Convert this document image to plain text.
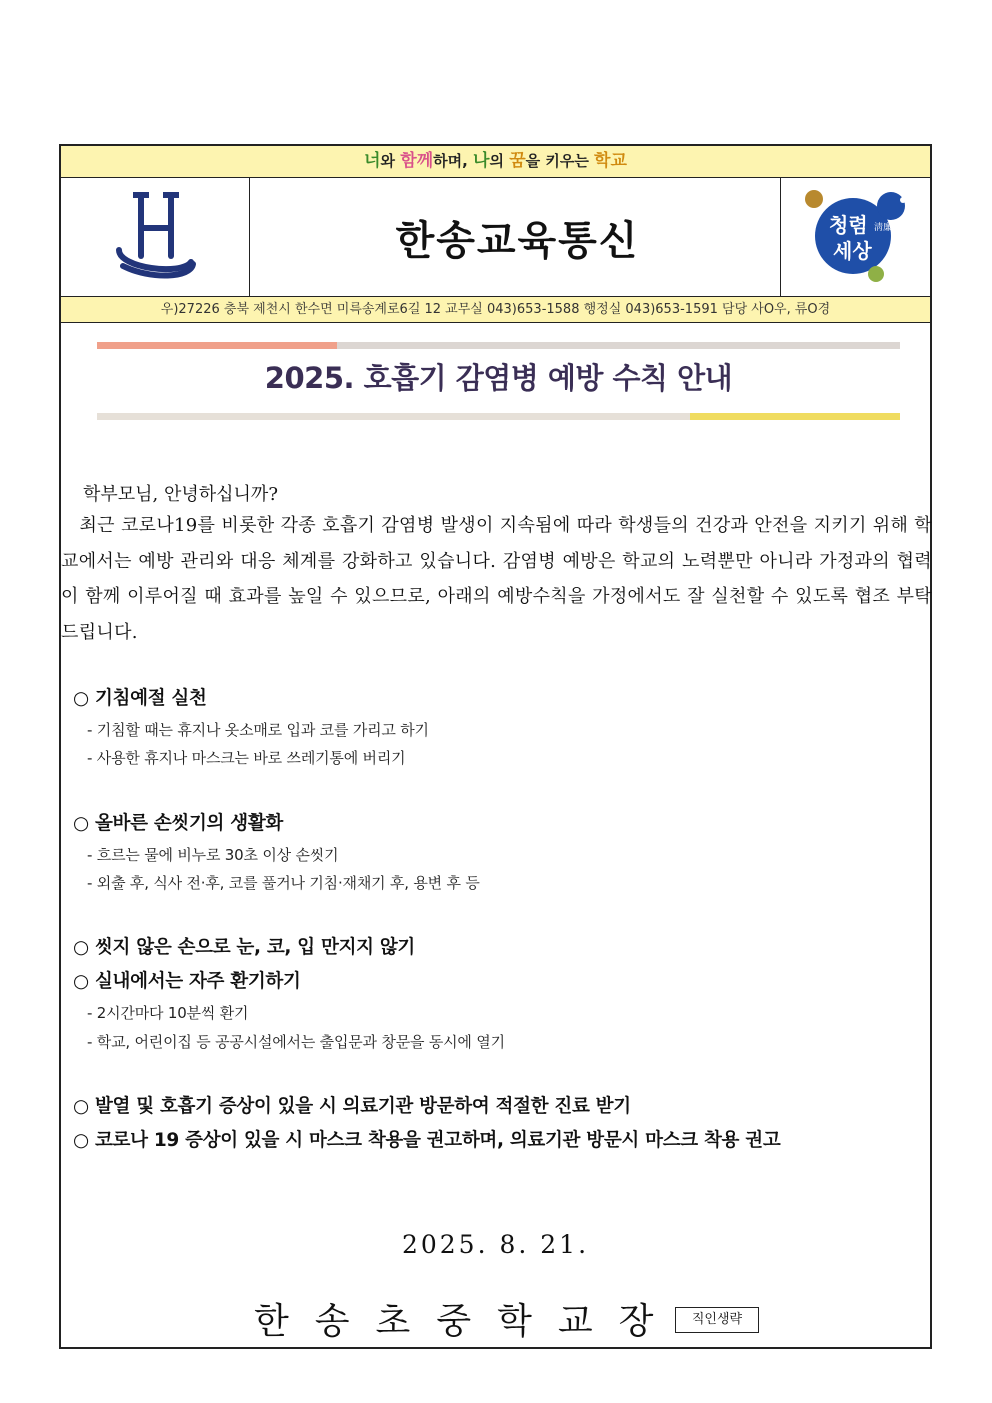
너와 함께하며, 나의 꿈을 키우는 학교
한송교육통신	청렴 淸廉
세상
우)27226 충북 제천시 한수면 미륵송계로6길 12 교무실 043)653-1588 행정실 043)653-1591 담당 사O우, 류O경
2025. 호흡기 감염병 예방 수칙 안내
학부모님, 안녕하십니까?
최근 코로나19를 비롯한 각종 호흡기 감염병 발생이 지속됨에 따라 학생들의 건강과 안전을 지키기 위해 학교에서는 예방 관리와 대응 체계를 강화하고 있습니다. 감염병 예방은 학교의 노력뿐만 아니라 가정과의 협력이 함께 이루어질 때 효과를 높일 수 있으므로, 아래의 예방수칙을 가정에서도 잘 실천할 수 있도록 협조 부탁드립니다.
○ 기침예절 실천
- 기침할 때는 휴지나 옷소매로 입과 코를 가리고 하기
- 사용한 휴지나 마스크는 바로 쓰레기통에 버리기
○ 올바른 손씻기의 생활화
- 흐르는 물에 비누로 30초 이상 손씻기
- 외출 후, 식사 전·후, 코를 풀거나 기침·재채기 후, 용변 후 등
○ 씻지 않은 손으로 눈, 코, 입 만지지 않기
○ 실내에서는 자주 환기하기
- 2시간마다 10분씩 환기
- 학교, 어린이집 등 공공시설에서는 출입문과 창문을 동시에 열기
○ 발열 및 호흡기 증상이 있을 시 의료기관 방문하여 적절한 진료 받기
○ 코로나 19 증상이 있을 시 마스크 착용을 권고하며, 의료기관 방문시 마스크 착용 권고
2025. 8. 21.
한송초중학교장 직인생략
